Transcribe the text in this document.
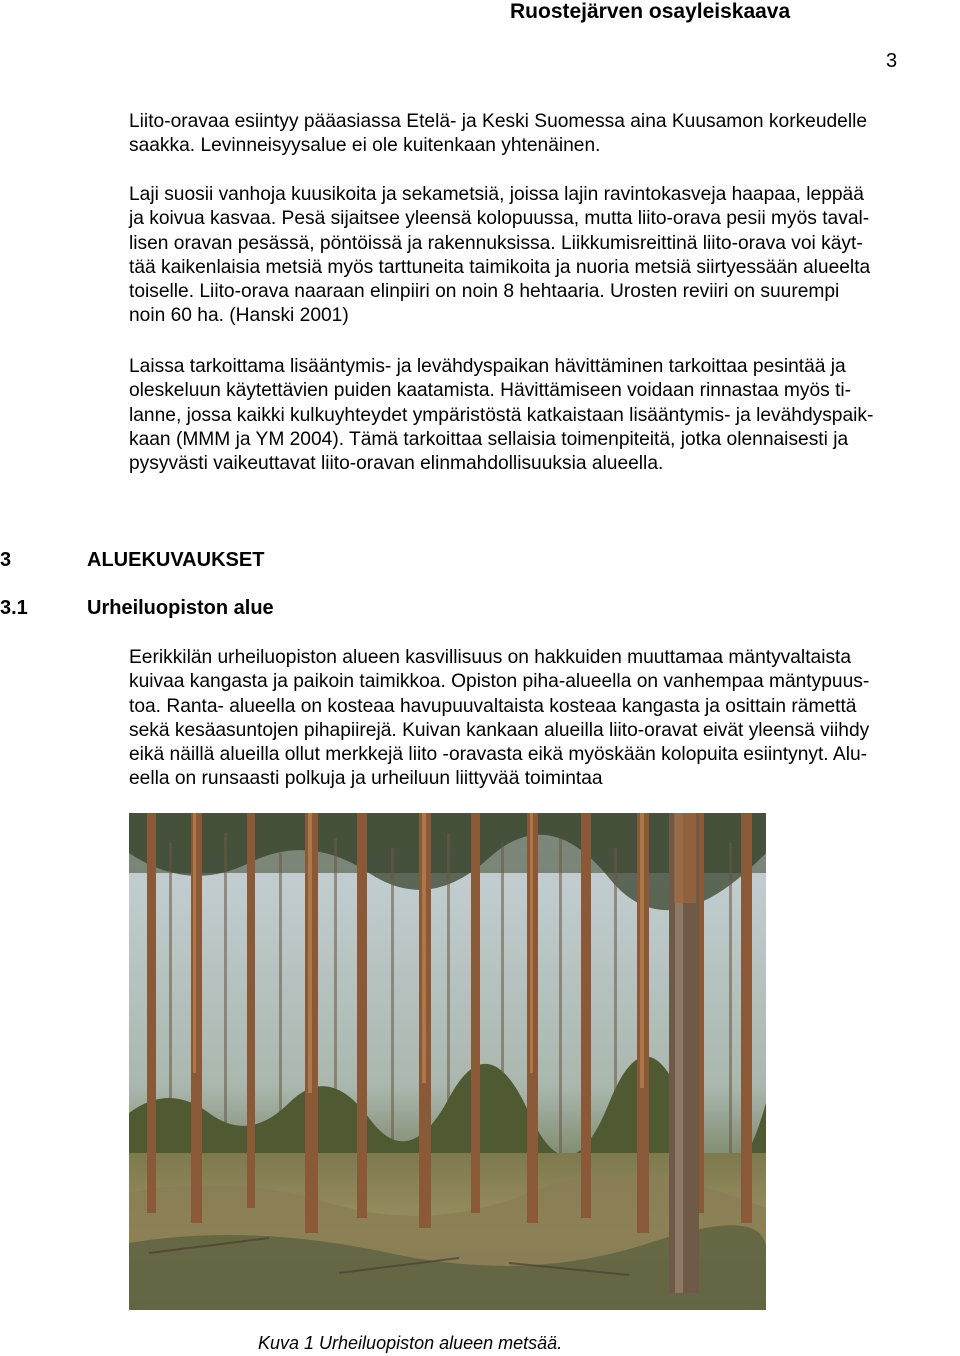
Ruostejärven osayleiskaava
3

Liito-oravaa esiintyy pääasiassa Etelä- ja Keski Suomessa aina Kuusamon korkeudelle
saakka. Levinneisyysalue ei ole kuitenkaan yhtenäinen.

Laji suosii vanhoja kuusikoita ja sekametsiä, joissa lajin ravintokasveja haapaa, leppää
ja koivua kasvaa. Pesä sijaitsee yleensä kolopuussa, mutta liito-orava pesii myös taval-
lisen oravan pesässä, pöntöissä ja rakennuksissa. Liikkumisreittinä liito-orava voi käyt-
tää kaikenlaisia metsiä myös tarttuneita taimikoita ja nuoria metsiä siirtyessään alueelta
toiselle. Liito-orava naaraan elinpiiri on noin 8 hehtaaria. Urosten reviiri on suurempi
noin 60 ha. (Hanski 2001)

Laissa tarkoittama lisääntymis- ja levähdyspaikan hävittäminen tarkoittaa pesintää ja
oleskeluun käytettävien puiden kaatamista. Hävittämiseen voidaan rinnastaa myös ti-
lanne, jossa kaikki kulkuyhteydet ympäristöstä katkaistaan lisääntymis- ja levähdyspaik-
kaan (MMM ja YM 2004). Tämä tarkoittaa sellaisia toimenpiteitä, jotka olennaisesti ja
pysyvästi vaikeuttavat liito-oravan elinmahdollisuuksia alueella.

3	ALUEKUVAUKSET
3.1	Urheiluopiston alue

Eerikkilän urheiluopiston alueen kasvillisuus on hakkuiden muuttamaa mäntyvaltaista
kuivaa kangasta ja paikoin taimikkoa. Opiston piha-alueella on vanhempaa mäntypuus-
toa. Ranta- alueella on kosteaa havupuuvaltaista kosteaa kangasta ja osittain rämettä
sekä kesäasuntojen pihapiirejä. Kuivan kankaan alueilla liito-oravat eivät yleensä viihdy
eikä näillä alueilla ollut merkkejä liito -oravasta eikä myöskään kolopuita esiintynyt. Alu-
eella on runsaasti polkuja ja urheiluun liittyvää toimintaa

Kuva 1 Urheiluopiston alueen metsää.
